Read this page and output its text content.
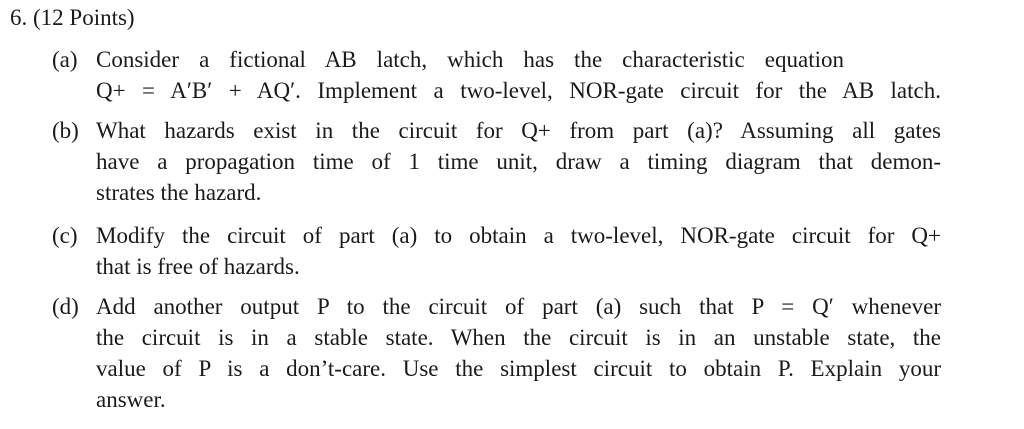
6. (12 Points)
(a) Consider a fictional AB latch, which has the characteristic equation
Q+ = A′B′ + AQ′. Implement a two-level, NOR-gate circuit for the AB latch.
(b) What hazards exist in the circuit for Q+ from part (a)? Assuming all gates
have a propagation time of 1 time unit, draw a timing diagram that demon-
strates the hazard.
(c) Modify the circuit of part (a) to obtain a two-level, NOR-gate circuit for Q+
that is free of hazards.
(d) Add another output P to the circuit of part (a) such that P = Q′ whenever
the circuit is in a stable state. When the circuit is in an unstable state, the
value of P is a don’t-care. Use the simplest circuit to obtain P. Explain your
answer.
